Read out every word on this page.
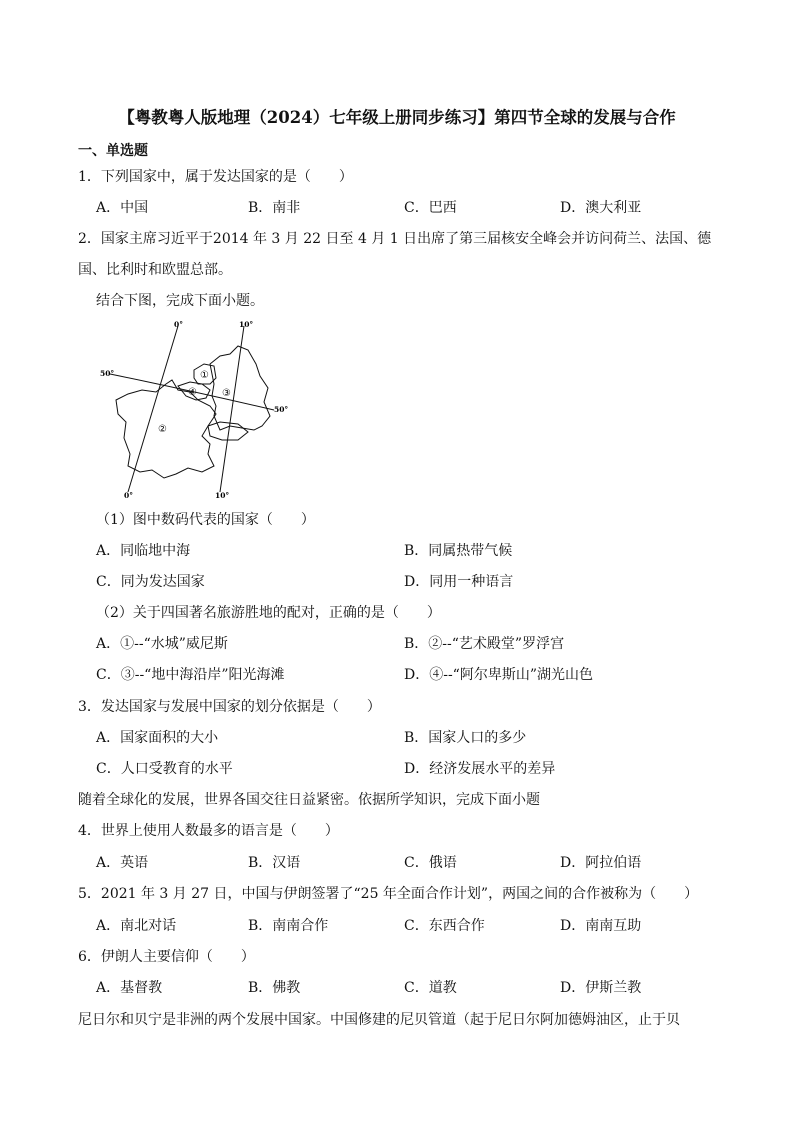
【粤教粤人版地理（2024）七年级上册同步练习】第四节全球的发展与合作
一、单选题
1．下列国家中，属于发达国家的是（　　）
A．中国	B．南非	C．巴西	D．澳大利亚
2．国家主席习近平于2014 年 3 月 22 日至 4 月 1 日出席了第三届核安全峰会并访问荷兰、法国、德
国、比利时和欧盟总部。
结合下图，完成下面小题。
0°	10°
0°	10°
50°
50°
①
②
③
④
（1）图中数码代表的国家（　　）
A．同临地中海	B．同属热带气候
C．同为发达国家	D．同用一种语言
（2）关于四国著名旅游胜地的配对，正确的是（　　）
A．①--“水城”威尼斯	B．②--“艺术殿堂”罗浮宫
C．③--“地中海沿岸”阳光海滩	D．④--“阿尔卑斯山”湖光山色
3．发达国家与发展中国家的划分依据是（　　）
A．国家面积的大小	B．国家人口的多少
C．人口受教育的水平	D．经济发展水平的差异
随着全球化的发展，世界各国交往日益紧密。依据所学知识，完成下面小题
4．世界上使用人数最多的语言是（　　）
A．英语	B．汉语	C．俄语	D．阿拉伯语
5．2021 年 3 月 27 日，中国与伊朗签署了“25 年全面合作计划”，两国之间的合作被称为（　　）
A．南北对话	B．南南合作	C．东西合作	D．南南互助
6．伊朗人主要信仰（　　）
A．基督教	B．佛教	C．道教	D．伊斯兰教
尼日尔和贝宁是非洲的两个发展中国家。中国修建的尼贝管道（起于尼日尔阿加德姆油区，止于贝
